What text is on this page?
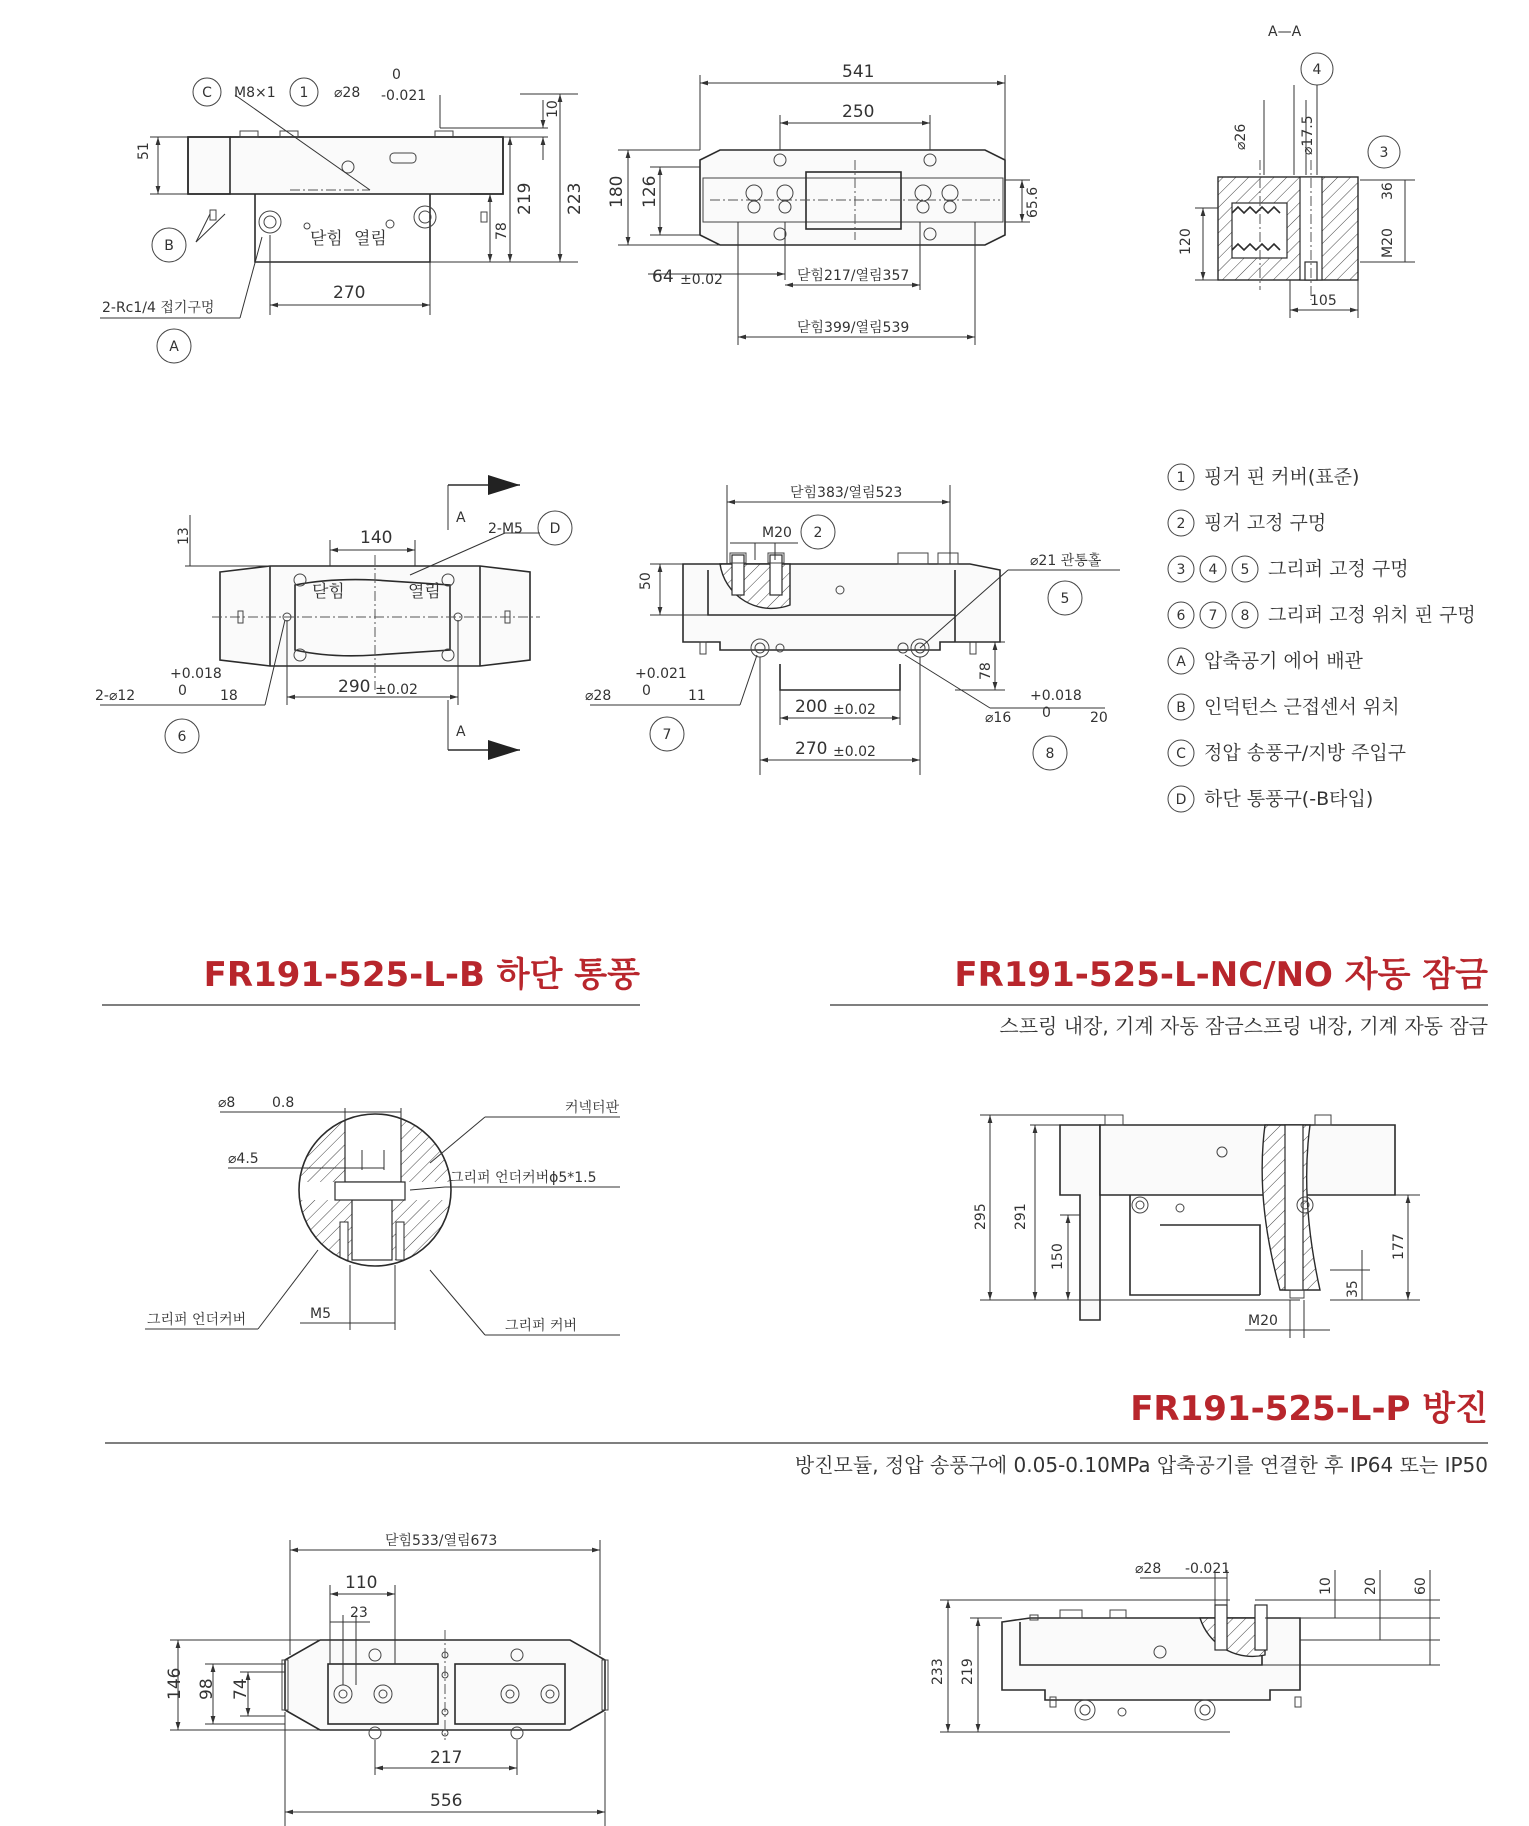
C	1
B
A
M8×1	⌀28
0
-0.021
10
51
219 223
78
270
2-Rc1/4 접기구멍
닫힘 열림
541
250
180 126	65.6
64 ±0.02	닫힘217/열림357
닫힘399/열림539
A—A
4
3
⌀26	⌀17.5
36
M20
120
105
D
6
A
A
13	140	2-M5
2-⌀12
+0.018
0 18	290 ±0.02
닫힘	열림
2
5
7
8
닫힘383/열림523
M20
50
⌀21 관통홀
⌀28
+0.021
0	11
78
200 ±0.02
270 ±0.02
⌀16
+0.018
0	20
1 핑거 핀 커버(표준)
2 핑거 고정 구멍
3 4 5 그리퍼 고정 구멍
6 7 8 그리퍼 고정 위치 핀 구멍
A 압축공기 에어 배관
B 인덕턴스 근접센서 위치
C 정압 송풍구/지방 주입구
D 하단 통풍구(-B타입)
FR191-525-L-B 하단 통풍	FR191-525-L-NC/NO 자동 잠금
스프링 내장, 기계 자동 잠금스프링 내장, 기계 자동 잠금
⌀8	0.8
⌀4.5
커넥터판
그리퍼 언더커버ϕ5*1.5
그리퍼 언더커버	M5
그리퍼 커버
295 291
150	177
35
M20
FR191-525-L-P 방진
방진모듈, 정압 송풍구에 0.05-0.10MPa 압축공기를 연결한 후 IP64 또는 IP50
닫힘533/열림673
110
23
146 98 74
217
556
⌀28 -0.021
10 20 60
233 219
